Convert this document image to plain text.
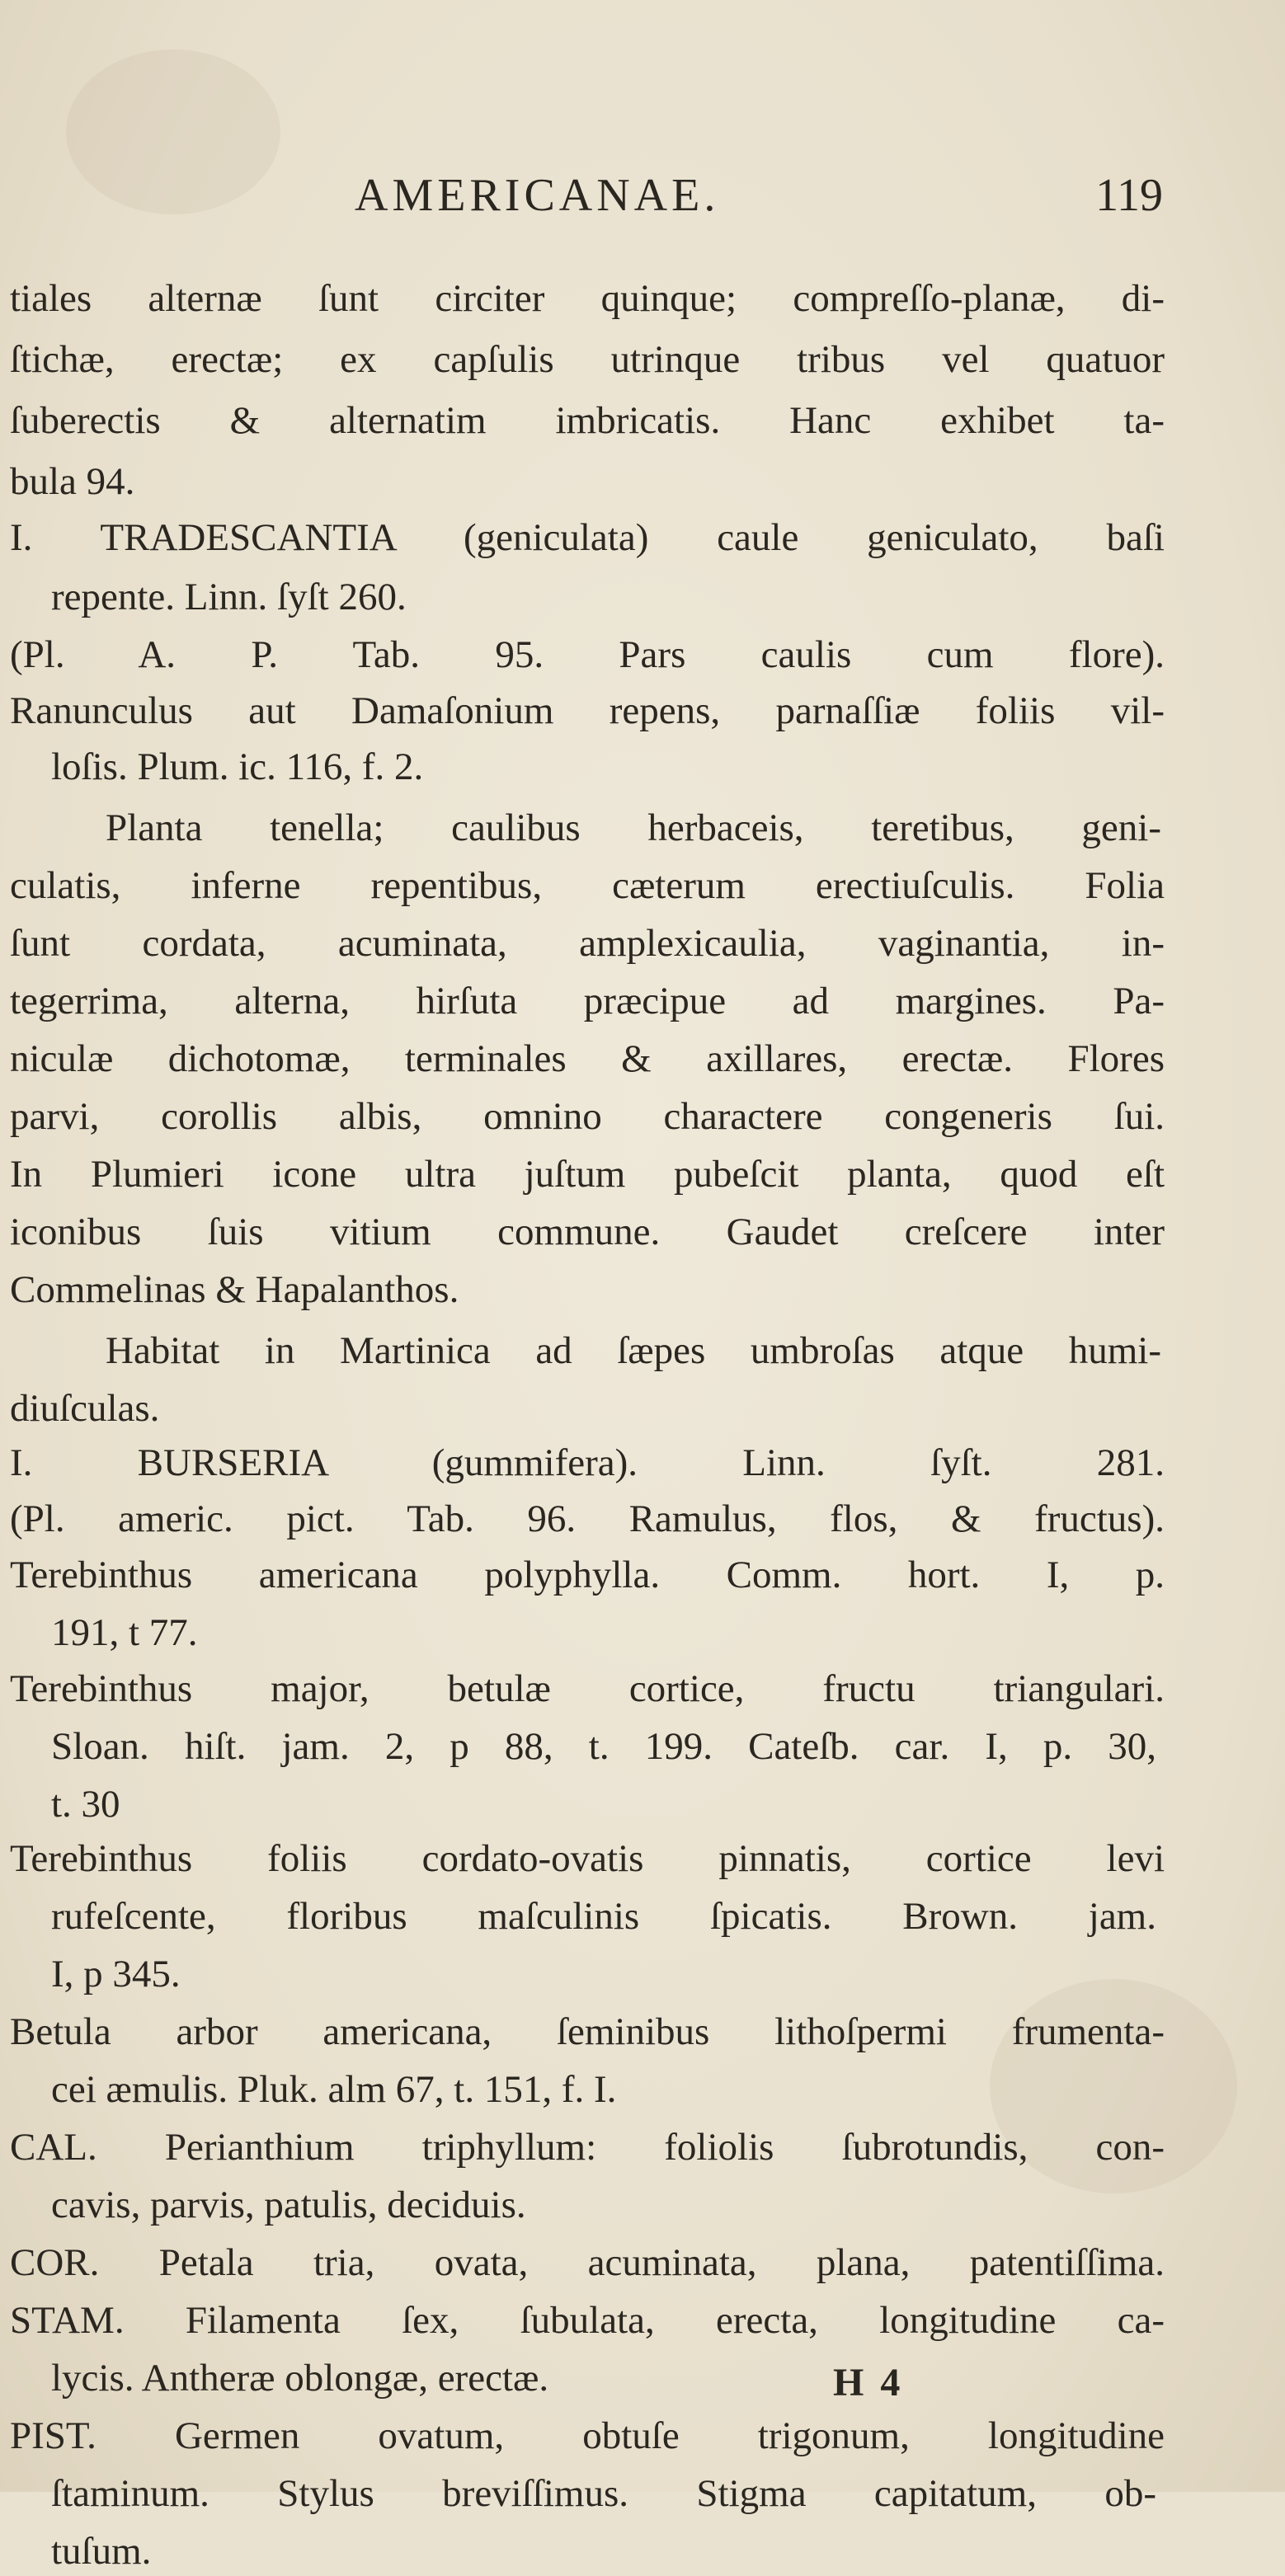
AMERICANAE.	119
tiales alternæ ſunt circiter quinque; compreſſo-planæ, di-
ſtichæ, erectæ; ex capſulis utrinque tribus vel quatuor
ſuberectis & alternatim imbricatis. Hanc exhibet ta-
bula 94.
I. TRADESCANTIA (geniculata) caule geniculato, baſi
repente. Linn. ſyſt 260.
(Pl. A. P. Tab. 95. Pars caulis cum flore).
Ranunculus aut Damaſonium repens, parnaſſiæ foliis vil-
loſis. Plum. ic. 116, f. 2.
Planta tenella; caulibus herbaceis, teretibus, geni-
culatis, inferne repentibus, cæterum erectiuſculis. Folia
ſunt cordata, acuminata, amplexicaulia, vaginantia, in-
tegerrima, alterna, hirſuta præcipue ad margines. Pa-
niculæ dichotomæ, terminales & axillares, erectæ. Flores
parvi, corollis albis, omnino charactere congeneris ſui.
In Plumieri icone ultra juſtum pubeſcit planta, quod eſt
iconibus ſuis vitium commune. Gaudet creſcere inter
Commelinas & Hapalanthos.
Habitat in Martinica ad ſæpes umbroſas atque humi-
diuſculas.
I. BURSERIA (gummifera). Linn. ſyſt. 281.
(Pl. americ. pict. Tab. 96. Ramulus, flos, & fructus).
Terebinthus americana polyphylla. Comm. hort. I, p.
191, t 77.
Terebinthus major, betulæ cortice, fructu triangulari.
Sloan. hiſt. jam. 2, p 88, t. 199. Cateſb. car. I, p. 30,
t. 30
Terebinthus foliis cordato-ovatis pinnatis, cortice levi
rufeſcente, floribus maſculinis ſpicatis. Brown. jam.
I, p 345.
Betula arbor americana, ſeminibus lithoſpermi frumenta-
cei æmulis. Pluk. alm 67, t. 151, f. I.
CAL. Perianthium triphyllum: foliolis ſubrotundis, con-
cavis, parvis, patulis, deciduis.
COR. Petala tria, ovata, acuminata, plana, patentiſſima.
STAM. Filamenta ſex, ſubulata, erecta, longitudine ca-
lycis. Antheræ oblongæ, erectæ.
PIST. Germen ovatum, obtuſe trigonum, longitudine
ſtaminum. Stylus breviſſimus. Stigma capitatum, ob-
tuſum.
H 4
